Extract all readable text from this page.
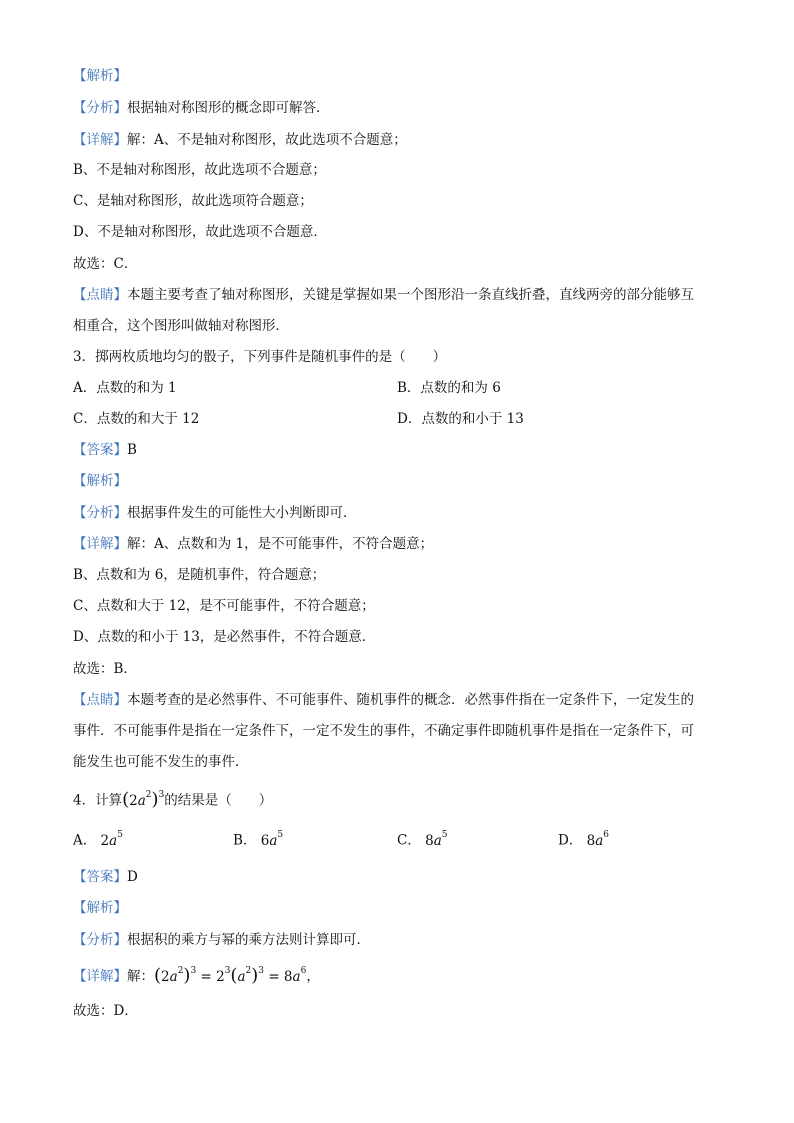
【解析】
【分析】根据轴对称图形的概念即可解答．
【详解】解：A、不是轴对称图形，故此选项不合题意；
B、不是轴对称图形，故此选项不合题意；
C、是轴对称图形，故此选项符合题意；
D、不是轴对称图形，故此选项不合题意．
故选：C．
【点睛】本题主要考查了轴对称图形，关键是掌握如果一个图形沿一条直线折叠，直线两旁的部分能够互
相重合，这个图形叫做轴对称图形．
3．掷两枚质地均匀的骰子，下列事件是随机事件的是（　　）
A．点数的和为 1	B．点数的和为 6
C．点数的和大于 12	D．点数的和小于 13
【答案】B
【解析】
【分析】根据事件发生的可能性大小判断即可．
【详解】解：A、点数和为 1，是不可能事件，不符合题意；
B、点数和为 6，是随机事件，符合题意；
C、点数和大于 12，是不可能事件，不符合题意；
D、点数的和小于 13，是必然事件，不符合题意．
故选：B．
【点睛】本题考查的是必然事件、不可能事件、随机事件的概念．必然事件指在一定条件下，一定发生的
事件．不可能事件是指在一定条件下，一定不发生的事件，不确定事件即随机事件是指在一定条件下，可
能发生也可能不发生的事件．
4．计算$(2a^2)^3$的结果是（　　）
A． $2a^5$	B． $6a^5$	C． $8a^5$	D． $8a^6$
【答案】D
【解析】
【分析】根据积的乘方与幂的乘方法则计算即可．
【详解】解：$(2a^2)^3 = 2^3(a^2)^3 = 8a^6$，
故选：D．
